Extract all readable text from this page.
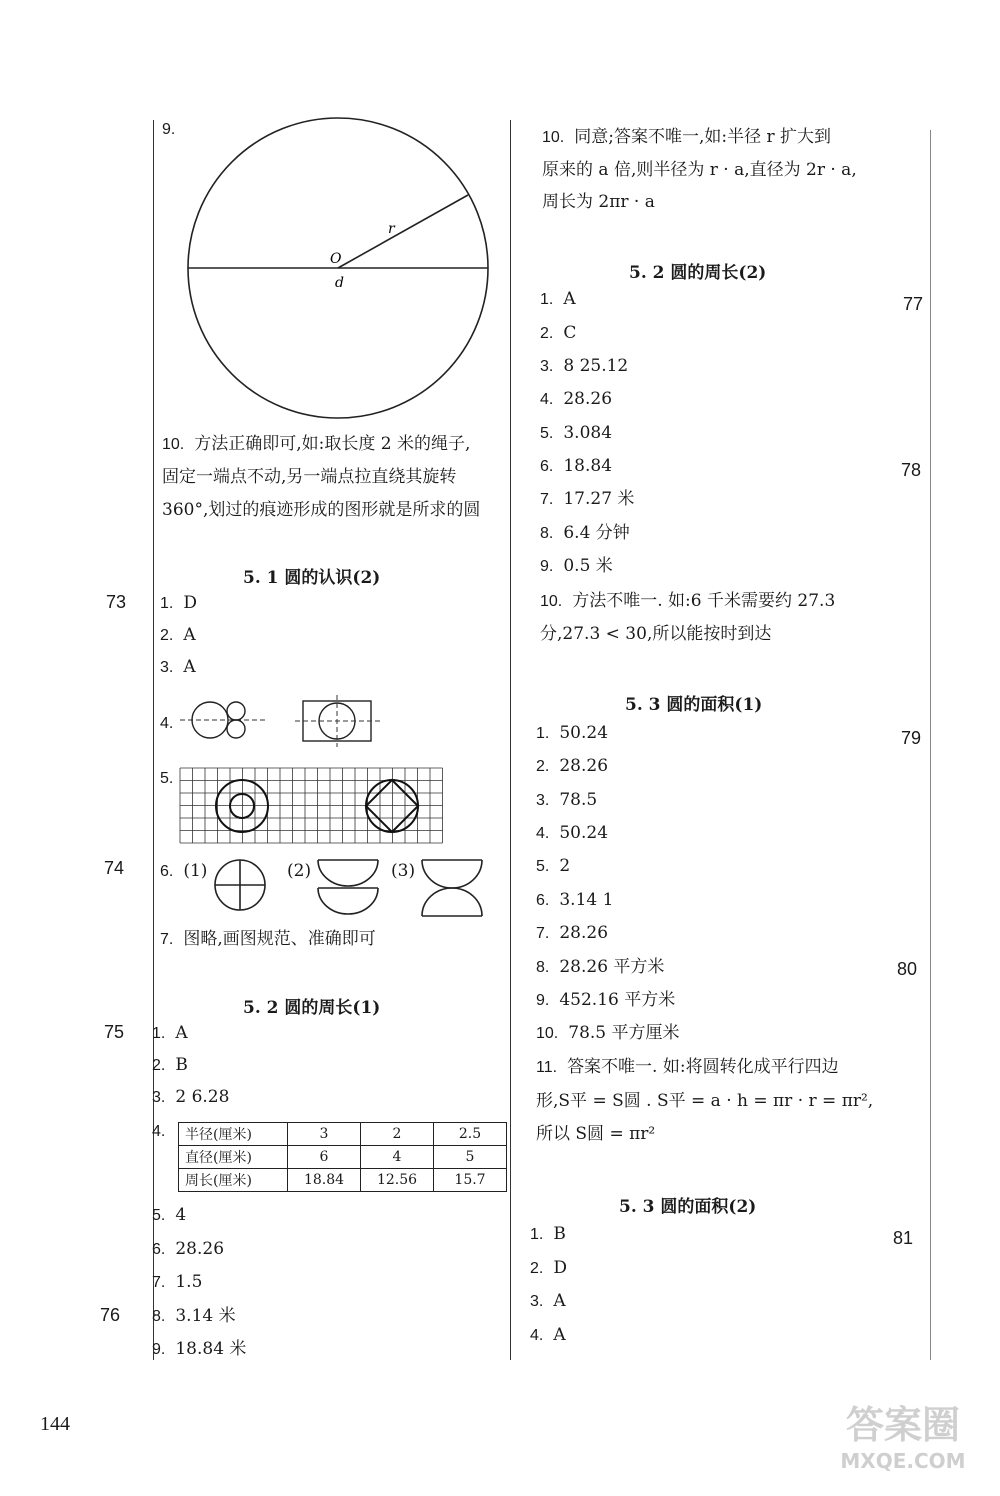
73
74
75
76
77
78
79
80
81
9.
r
O
d
10. 方法正确即可,如:取长度 2 米的绳子,
固定一端点不动,另一端点拉直绕其旋转
360°,划过的痕迹形成的图形就是所求的圆
5. 1 圆的认识(2)
1. D
2. A
3. A
4.
5.
6. (1)	(2)	(3)
7. 图略,画图规范、准确即可
5. 2 圆的周长(1)
1. A
2. B
3. 2 6.28
4.	半径(厘米)	3	2	2.5
直径(厘米)	6	4	5
周长(厘米)	18.84	12.56	15.7
5. 4
6. 28.26
7. 1.5
8. 3.14 米
9. 18.84 米
10. 同意;答案不唯一,如:半径 r 扩大到
原来的 a 倍,则半径为 r · a,直径为 2r · a,
周长为 2πr · a
5. 2 圆的周长(2)
1. A
2. C
3. 8 25.12
4. 28.26
5. 3.084
6. 18.84
7. 17.27 米
8. 6.4 分钟
9. 0.5 米
10. 方法不唯一. 如:6 千米需要约 27.3
分,27.3 < 30,所以能按时到达
5. 3 圆的面积(1)
1. 50.24
2. 28.26
3. 78.5
4. 50.24
5. 2
6. 3.14 1
7. 28.26
8. 28.26 平方米
9. 452.16 平方米
10. 78.5 平方厘米
11. 答案不唯一. 如:将圆转化成平行四边
形,S平 = S圆 . S平 = a · h = πr · r = πr²,
所以 S圆 = πr²
5. 3 圆的面积(2)
1. B
2. D
3. A
4. A
144	答案圈
MXQE.COM
